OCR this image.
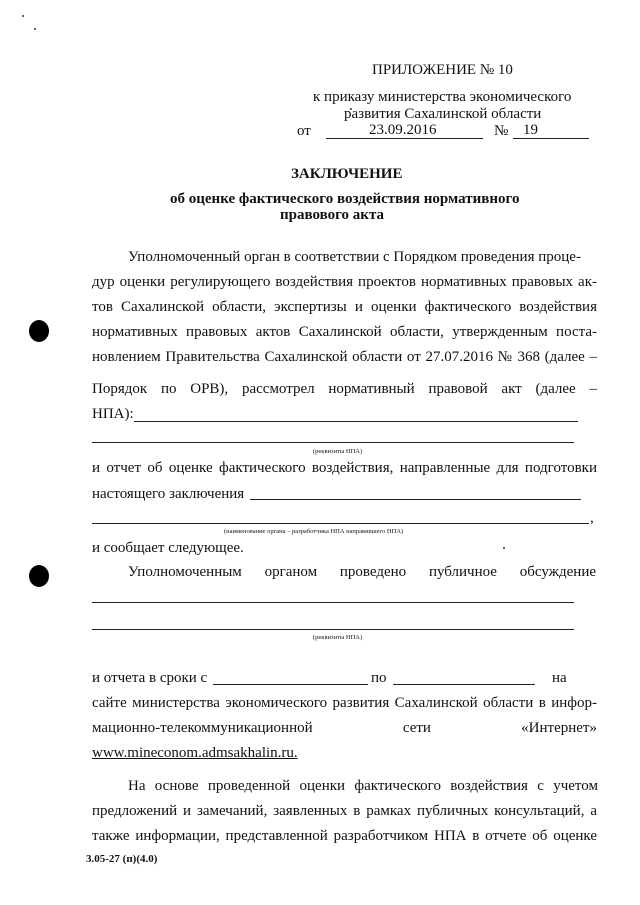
ПРИЛОЖЕНИЕ № 10
к приказу министерства экономического
развития Сахалинской области
от	23.09.2016	№ 19
ЗАКЛЮЧЕНИЕ
об оценке фактического воздействия нормативного
правового акта
Уполномоченный орган в соответствии с Порядком проведения проце-
дур оценки регулирующего воздействия проектов нормативных правовых ак-
тов Сахалинской области, экспертизы и оценки фактического воздействия
нормативных правовых актов Сахалинской области, утвержденным поста-
новлением Правительства Сахалинской области от 27.07.2016 № 368 (далее –
Порядок по ОРВ), рассмотрел нормативный правовой акт (далее –
НПА):
(реквизиты НПА)
и отчет об оценке фактического воздействия, направленные для подготовки
настоящего заключения
,
(наименование органа – разработчика НПА направившего НПА)
и сообщает следующее.
Уполномоченным органом проведено публичное обсуждение
(реквизиты НПА)
и отчета в сроки с	по	на
сайте министерства экономического развития Сахалинской области в инфор-
мационно-телекоммуникационной сети «Интернет»
www.mineconom.admsakhalin.ru.
На основе проведенной оценки фактического воздействия с учетом
предложений и замечаний, заявленных в рамках публичных консультаций, а
также информации, представленной разработчиком НПА в отчете об оценке
3.05-27 (п)(4.0)
